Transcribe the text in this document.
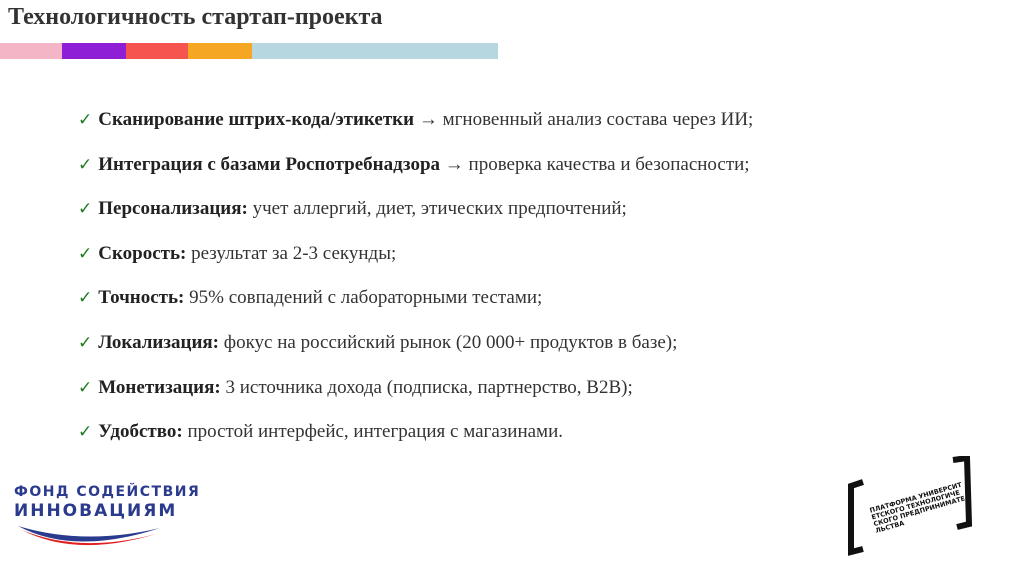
Технологичность стартап-проекта
✓ Сканирование штрих-кода/этикетки → мгновенный анализ состава через ИИ;
✓ Интеграция с базами Роспотребнадзора → проверка качества и безопасности;
✓ Персонализация: учет аллергий, диет, этических предпочтений;
✓ Скорость: результат за 2-3 секунды;
✓ Точность: 95% совпадений с лабораторными тестами;
✓ Локализация: фокус на российский рынок (20 000+ продуктов в базе);
✓ Монетизация: 3 источника дохода (подписка, партнерство, B2B);
✓ Удобство: простой интерфейс, интеграция с магазинами.
ФОНД СОДЕЙСТВИЯ
ИННОВАЦИЯМ	ПЛАТФОРМА УНИВЕРСИТЕТСКОГО ТЕХНОЛОГИЧЕСКОГО ПРЕДПРИНИМАТЕЛЬСТВА
